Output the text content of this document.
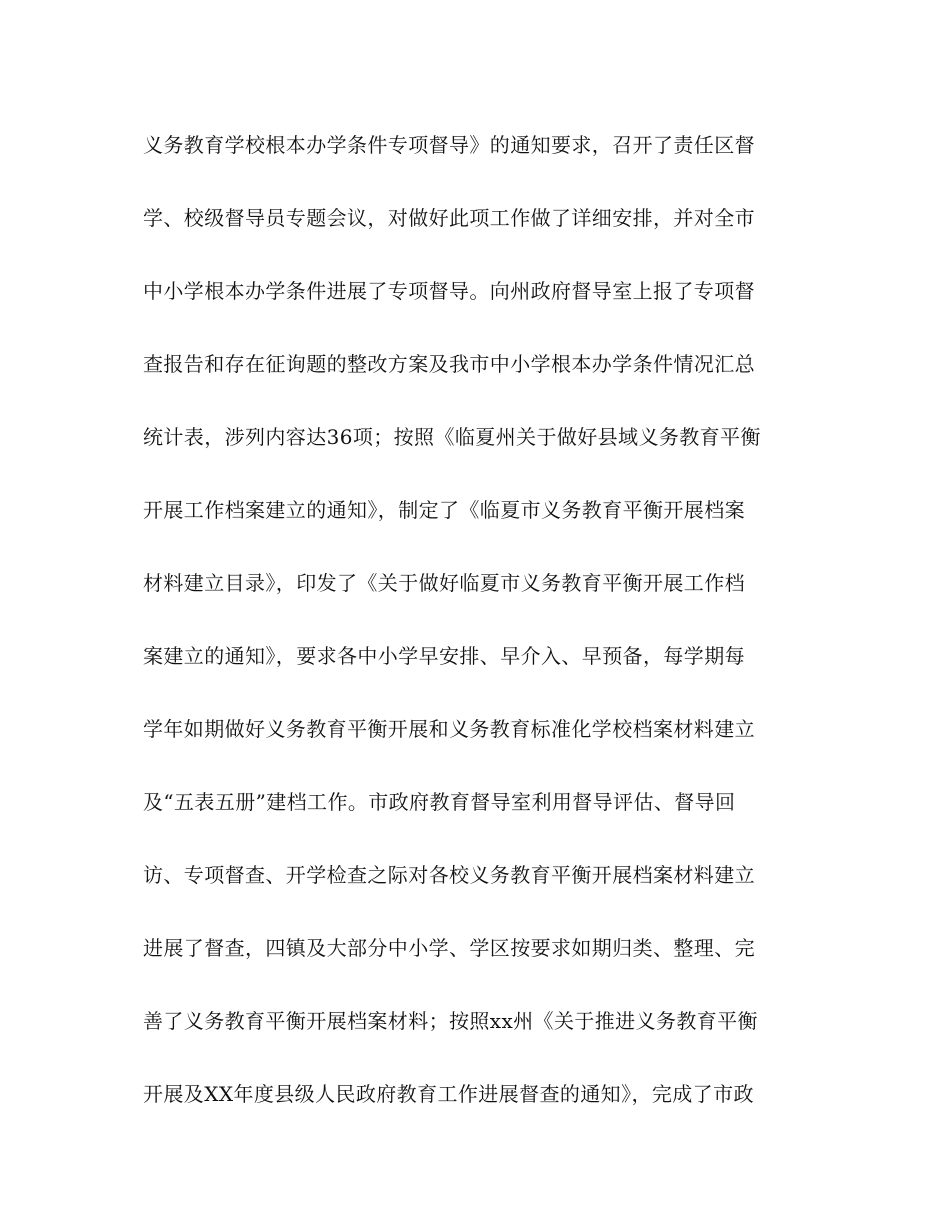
义务教育学校根本办学条件专项督导》的通知要求，召开了责任区督
学、校级督导员专题会议，对做好此项工作做了详细安排，并对全市
中小学根本办学条件进展了专项督导。向州政府督导室上报了专项督
查报告和存在征询题的整改方案及我市中小学根本办学条件情况汇总
统计表，涉列内容达36项；按照《临夏州关于做好县域义务教育平衡
开展工作档案建立的通知》，制定了《临夏市义务教育平衡开展档案
材料建立目录》，印发了《关于做好临夏市义务教育平衡开展工作档
案建立的通知》，要求各中小学早安排、早介入、早预备，每学期每
学年如期做好义务教育平衡开展和义务教育标准化学校档案材料建立
及“五表五册”建档工作。市政府教育督导室利用督导评估、督导回
访、专项督查、开学检查之际对各校义务教育平衡开展档案材料建立
进展了督查，四镇及大部分中小学、学区按要求如期归类、整理、完
善了义务教育平衡开展档案材料；按照xx州《关于推进义务教育平衡
开展及XX年度县级人民政府教育工作进展督查的通知》，完成了市政
